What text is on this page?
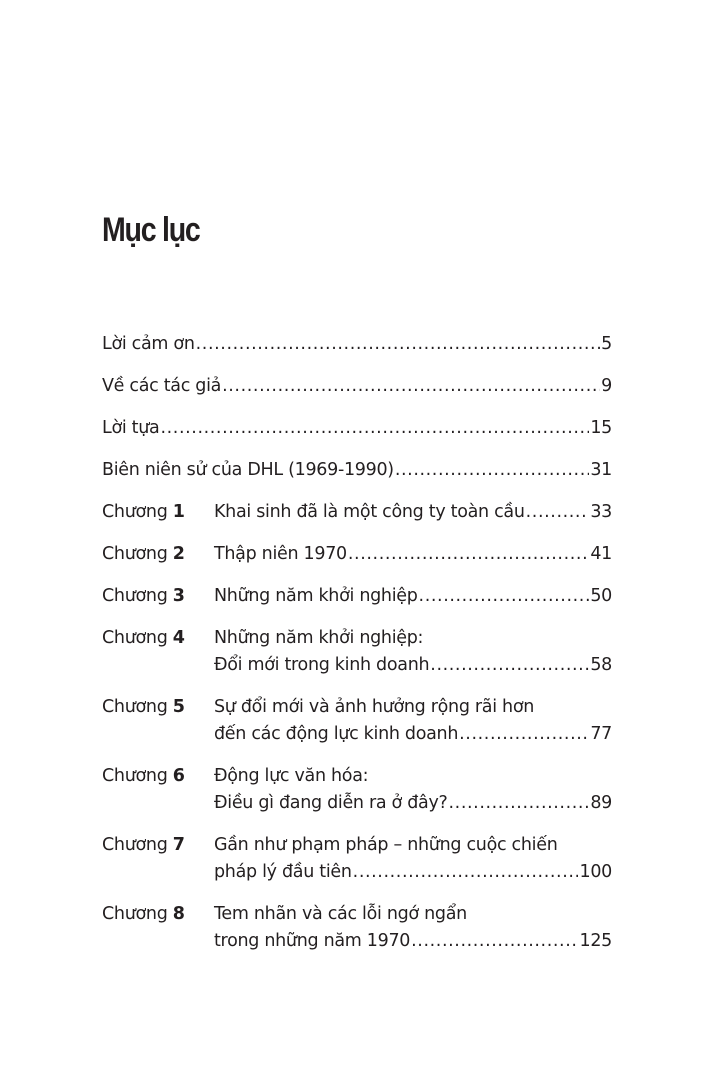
Mục lục
Lời cảm ơn .....	5
Về các tác giả .....	9
Lời tựa .....	15
Biên niên sử của DHL (1969-1990) .....	31
Chương 1	Khai sinh đã là một công ty toàn cầu .....	33
Chương 2	Thập niên 1970 .....	41
Chương 3	Những năm khởi nghiệp .....	50
Chương 4	Những năm khởi nghiệp:
Đổi mới trong kinh doanh .....	58
Chương 5	Sự đổi mới và ảnh hưởng rộng rãi hơn
đến các động lực kinh doanh .....	77
Chương 6	Động lực văn hóa:
Điều gì đang diễn ra ở đây? .....	89
Chương 7	Gần như phạm pháp – những cuộc chiến
pháp lý đầu tiên .....	100
Chương 8	Tem nhãn và các lỗi ngớ ngẩn
trong những năm 1970 .....	125
